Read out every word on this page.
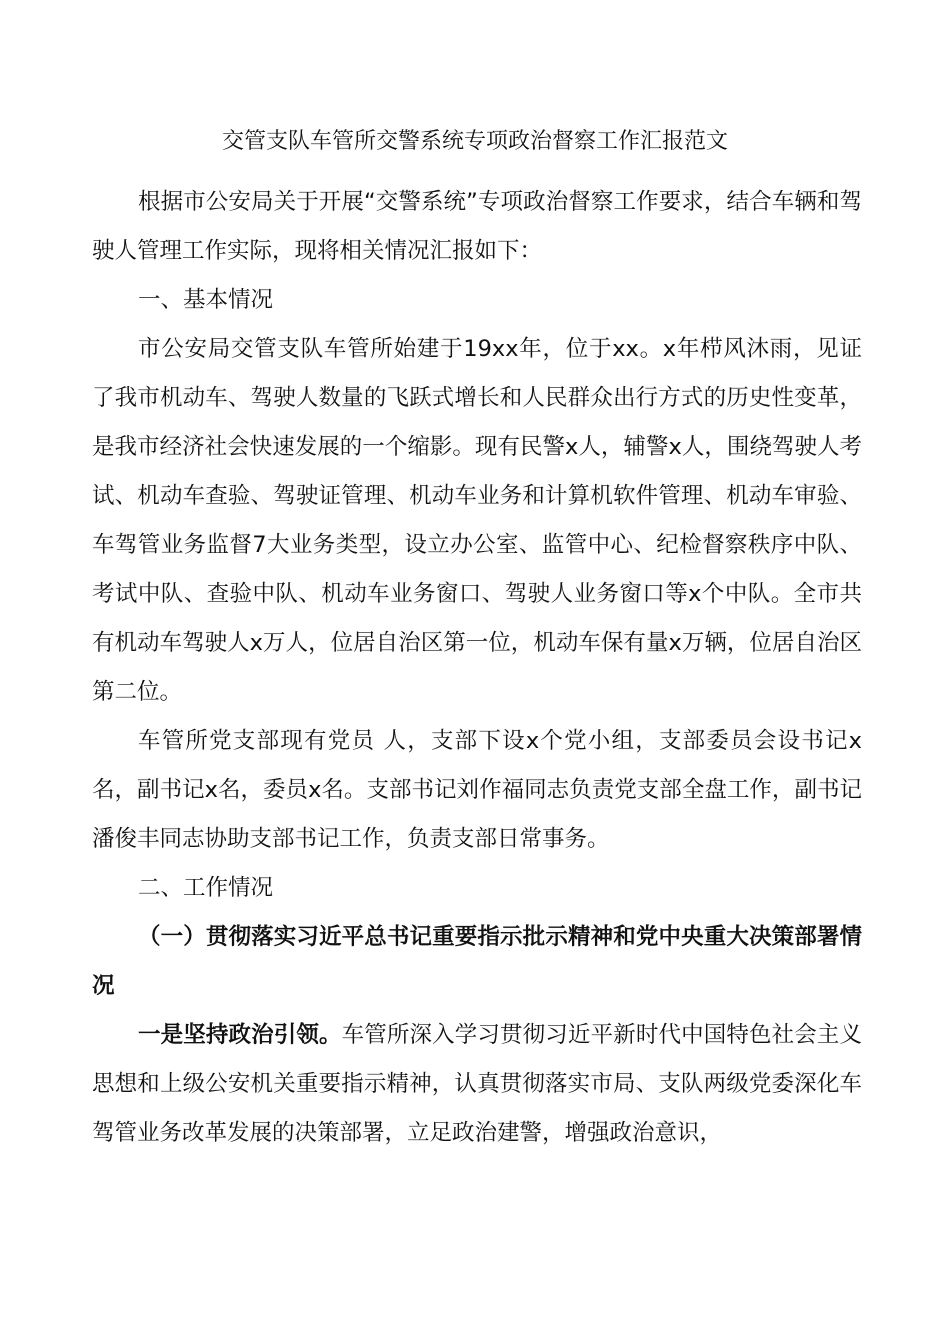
交管支队车管所交警系统专项政治督察工作汇报范文

根据市公安局关于开展“交警系统”专项政治督察工作要求，结合车辆和驾驶人管理工作实际，现将相关情况汇报如下：

一、基本情况

市公安局交管支队车管所始建于19xx年，位于xx。x年栉风沐雨，见证了我市机动车、驾驶人数量的飞跃式增长和人民群众出行方式的历史性变革，是我市经济社会快速发展的一个缩影。现有民警x人，辅警x人，围绕驾驶人考试、机动车查验、驾驶证管理、机动车业务和计算机软件管理、机动车审验、车驾管业务监督7大业务类型，设立办公室、监管中心、纪检督察秩序中队、考试中队、查验中队、机动车业务窗口、驾驶人业务窗口等x个中队。全市共有机动车驾驶人x万人，位居自治区第一位，机动车保有量x万辆，位居自治区第二位。

车管所党支部现有党员 人，支部下设x个党小组，支部委员会设书记x名，副书记x名，委员x名。支部书记刘作福同志负责党支部全盘工作，副书记潘俊丰同志协助支部书记工作，负责支部日常事务。

二、工作情况

（一）贯彻落实习近平总书记重要指示批示精神和党中央重大决策部署情况

一是坚持政治引领。车管所深入学习贯彻习近平新时代中国特色社会主义思想和上级公安机关重要指示精神，认真贯彻落实市局、支队两级党委深化车驾管业务改革发展的决策部署，立足政治建警，增强政治意识，
